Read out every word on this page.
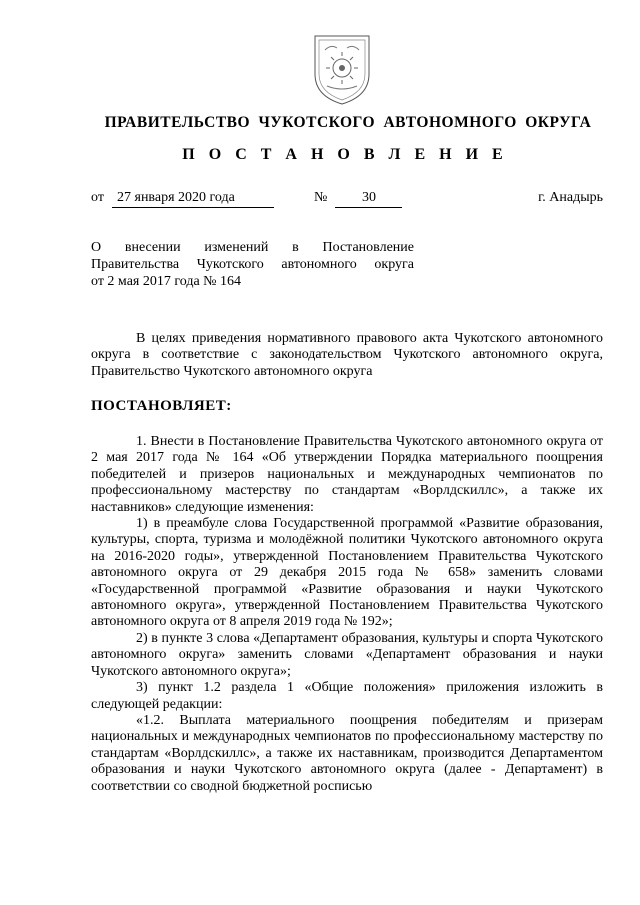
ПРАВИТЕЛЬСТВО ЧУКОТСКОГО АВТОНОМНОГО ОКРУГА
П О С Т А Н О В Л Е Н И Е
от 27 января 2020 года	№	30	г. Анадырь
О внесении изменений в Постановление
Правительства Чукотского автономного округа
от 2 мая 2017 года № 164

В целях приведения нормативного правового акта Чукотского автономного округа в соответствие с законодательством Чукотского автономного округа, Правительство Чукотского автономного округа

ПОСТАНОВЛЯЕТ:

1. Внести в Постановление Правительства Чукотского автономного округа от 2 мая 2017 года № 164 «Об утверждении Порядка материального поощрения победителей и призеров национальных и международных чемпионатов по профессиональному мастерству по стандартам «Ворлдскиллс», а также их наставников» следующие изменения:

1) в преамбуле слова Государственной программой «Развитие образования, культуры, спорта, туризма и молодёжной политики Чукотского автономного округа на 2016-2020 годы», утвержденной Постановлением Правительства Чукотского автономного округа от 29 декабря 2015 года № 658» заменить словами «Государственной программой «Развитие образования и науки Чукотского автономного округа», утвержденной Постановлением Правительства Чукотского автономного округа от 8 апреля 2019 года № 192»;

2) в пункте 3 слова «Департамент образования, культуры и спорта Чукотского автономного округа» заменить словами «Департамент образования и науки Чукотского автономного округа»;

3) пункт 1.2 раздела 1 «Общие положения» приложения изложить в следующей редакции:

«1.2. Выплата материального поощрения победителям и призерам национальных и международных чемпионатов по профессиональному мастерству по стандартам «Ворлдскиллс», а также их наставникам, производится Департаментом образования и науки Чукотского автономного округа (далее - Департамент) в соответствии со сводной бюджетной росписью
